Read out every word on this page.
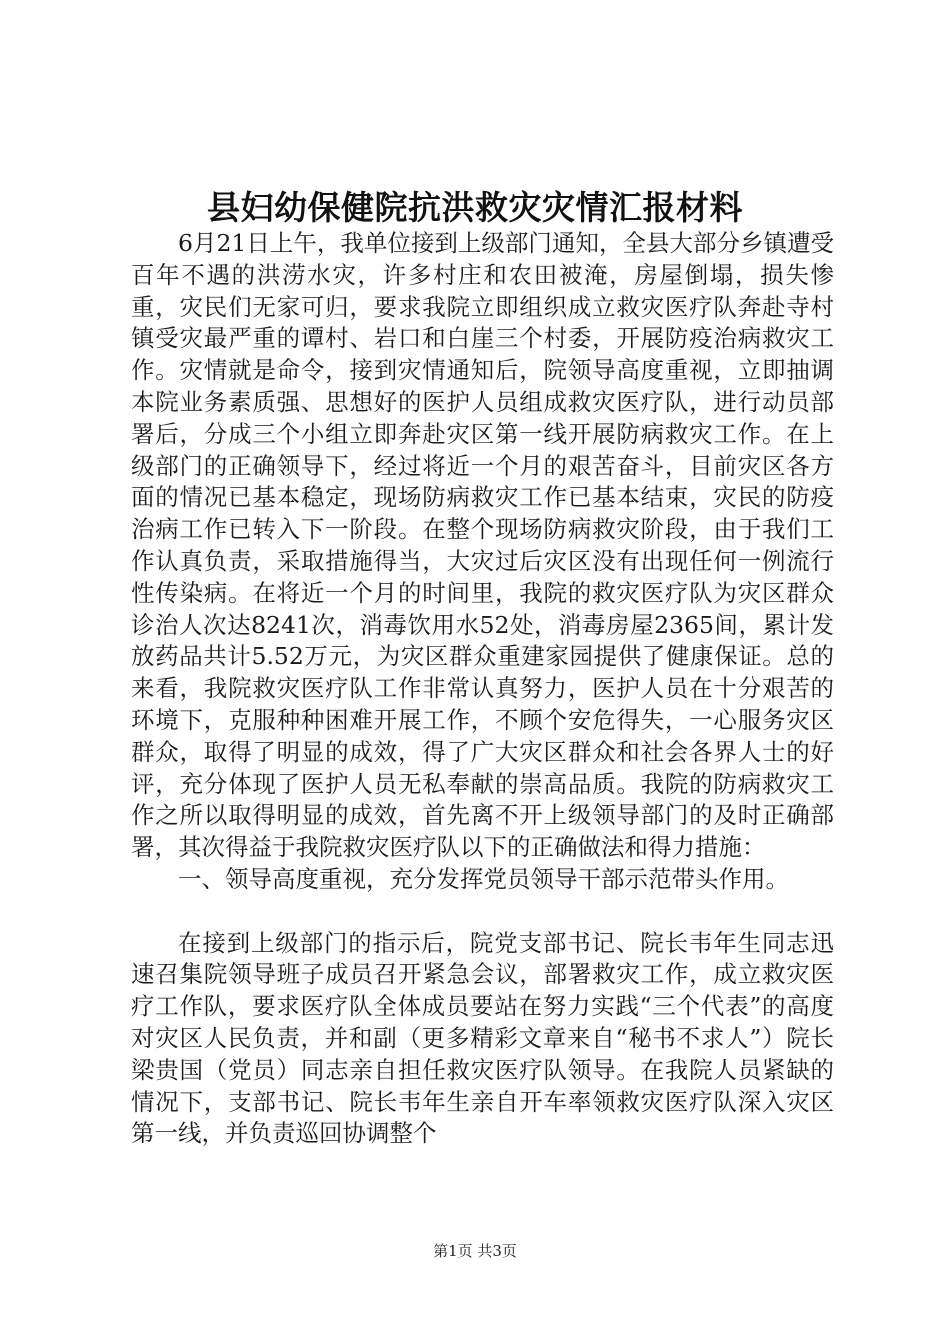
县妇幼保健院抗洪救灾灾情汇报材料

6月21日上午，我单位接到上级部门通知，全县大部分乡镇遭受百年不遇的洪涝水灾，许多村庄和农田被淹，房屋倒塌，损失惨重，灾民们无家可归，要求我院立即组织成立救灾医疗队奔赴寺村镇受灾最严重的谭村、岩口和白崖三个村委，开展防疫治病救灾工作。灾情就是命令，接到灾情通知后，院领导高度重视，立即抽调本院业务素质强、思想好的医护人员组成救灾医疗队，进行动员部署后，分成三个小组立即奔赴灾区第一线开展防病救灾工作。在上级部门的正确领导下，经过将近一个月的艰苦奋斗，目前灾区各方面的情况已基本稳定，现场防病救灾工作已基本结束，灾民的防疫治病工作已转入下一阶段。在整个现场防病救灾阶段，由于我们工作认真负责，采取措施得当，大灾过后灾区没有出现任何一例流行性传染病。在将近一个月的时间里，我院的救灾医疗队为灾区群众诊治人次达8241次，消毒饮用水52处，消毒房屋2365间，累计发放药品共计5.52万元，为灾区群众重建家园提供了健康保证。总的来看，我院救灾医疗队工作非常认真努力，医护人员在十分艰苦的环境下，克服种种困难开展工作，不顾个安危得失，一心服务灾区群众，取得了明显的成效，得了广大灾区群众和社会各界人士的好评，充分体现了医护人员无私奉献的崇高品质。我院的防病救灾工作之所以取得明显的成效，首先离不开上级领导部门的及时正确部署，其次得益于我院救灾医疗队以下的正确做法和得力措施：

一、领导高度重视，充分发挥党员领导干部示范带头作用。

在接到上级部门的指示后，院党支部书记、院长韦年生同志迅速召集院领导班子成员召开紧急会议，部署救灾工作，成立救灾医疗工作队，要求医疗队全体成员要站在努力实践“三个代表”的高度对灾区人民负责，并和副（更多精彩文章来自“秘书不求人”）院长梁贵国（党员）同志亲自担任救灾医疗队领导。在我院人员紧缺的情况下，支部书记、院长韦年生亲自开车率领救灾医疗队深入灾区第一线，并负责巡回协调整个

第1页 共3页
